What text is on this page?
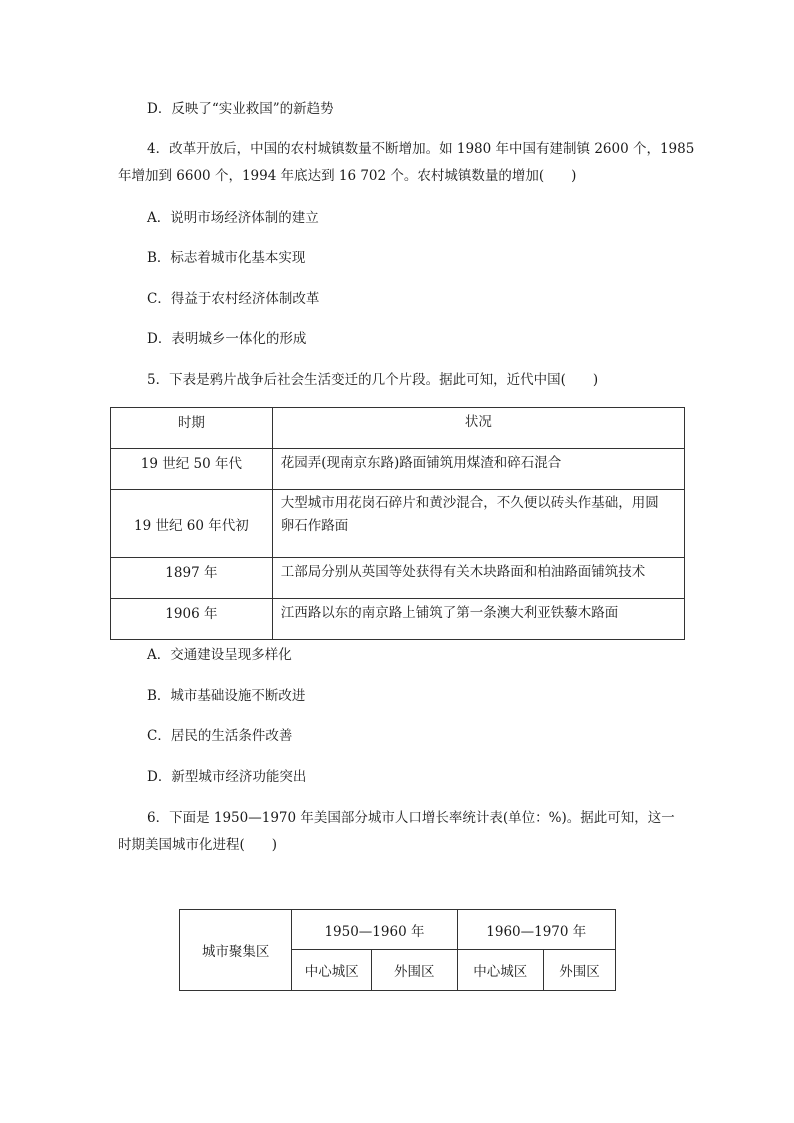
D．反映了“实业救国”的新趋势
4．改革开放后，中国的农村城镇数量不断增加。如 1980 年中国有建制镇 2600 个，1985
年增加到 6600 个，1994 年底达到 16 702 个。农村城镇数量的增加(　　)
A．说明市场经济体制的建立
B．标志着城市化基本实现
C．得益于农村经济体制改革
D．表明城乡一体化的形成
5．下表是鸦片战争后社会生活变迁的几个片段。据此可知，近代中国(　　)
时期	状况
19 世纪 50 年代	花园弄(现南京东路)路面铺筑用煤渣和碎石混合
19 世纪 60 年代初	大型城市用花岗石碎片和黄沙混合，不久便以砖头作基础，用圆
卵石作路面

1897 年	工部局分别从英国等处获得有关木块路面和柏油路面铺筑技术
1906 年	江西路以东的南京路上铺筑了第一条澳大利亚铁藜木路面
A．交通建设呈现多样化
B．城市基础设施不断改进
C．居民的生活条件改善
D．新型城市经济功能突出
6．下面是 1950—1970 年美国部分城市人口增长率统计表(单位：%)。据此可知，这一
时期美国城市化进程(　　)
城市聚集区	1950—1960 年		1960—1970 年	
	中心城区	外围区	中心城区	外围区
